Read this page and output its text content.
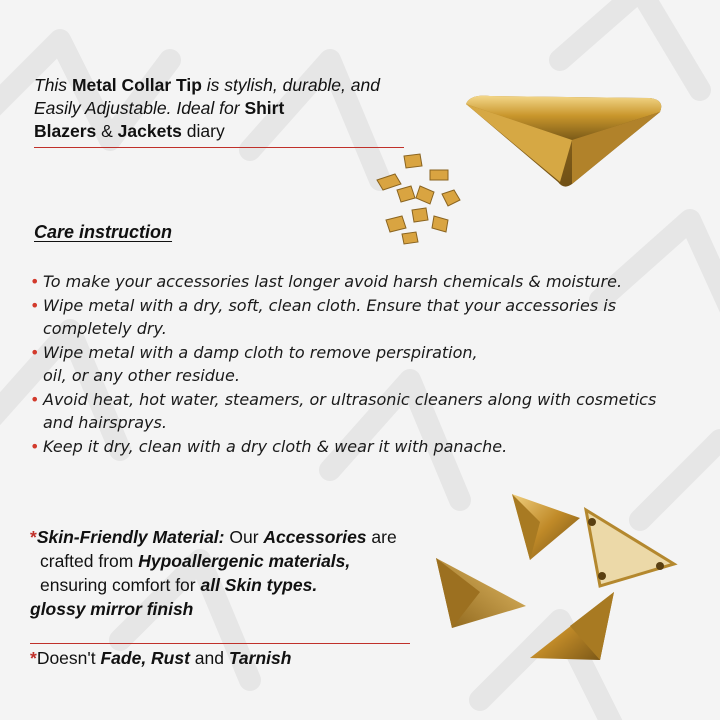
This Metal Collar Tip is stylish, durable, and
Easily Adjustable. Ideal for Shirt
Blazers & Jackets diary
Care instruction
• To make your accessories last longer avoid harsh chemicals & moisture.
• Wipe metal with a dry, soft, clean cloth. Ensure that your accessories is
completely dry.
• Wipe metal with a damp cloth to remove perspiration,
oil, or any other residue.
• Avoid heat, hot water, steamers, or ultrasonic cleaners along with cosmetics
and hairsprays.
• Keep it dry, clean with a dry cloth & wear it with panache.
*Skin-Friendly Material: Our Accessories are
crafted from Hypoallergenic materials,
ensuring comfort for all Skin types.
glossy mirror finish
*Doesn't Fade, Rust and Tarnish
